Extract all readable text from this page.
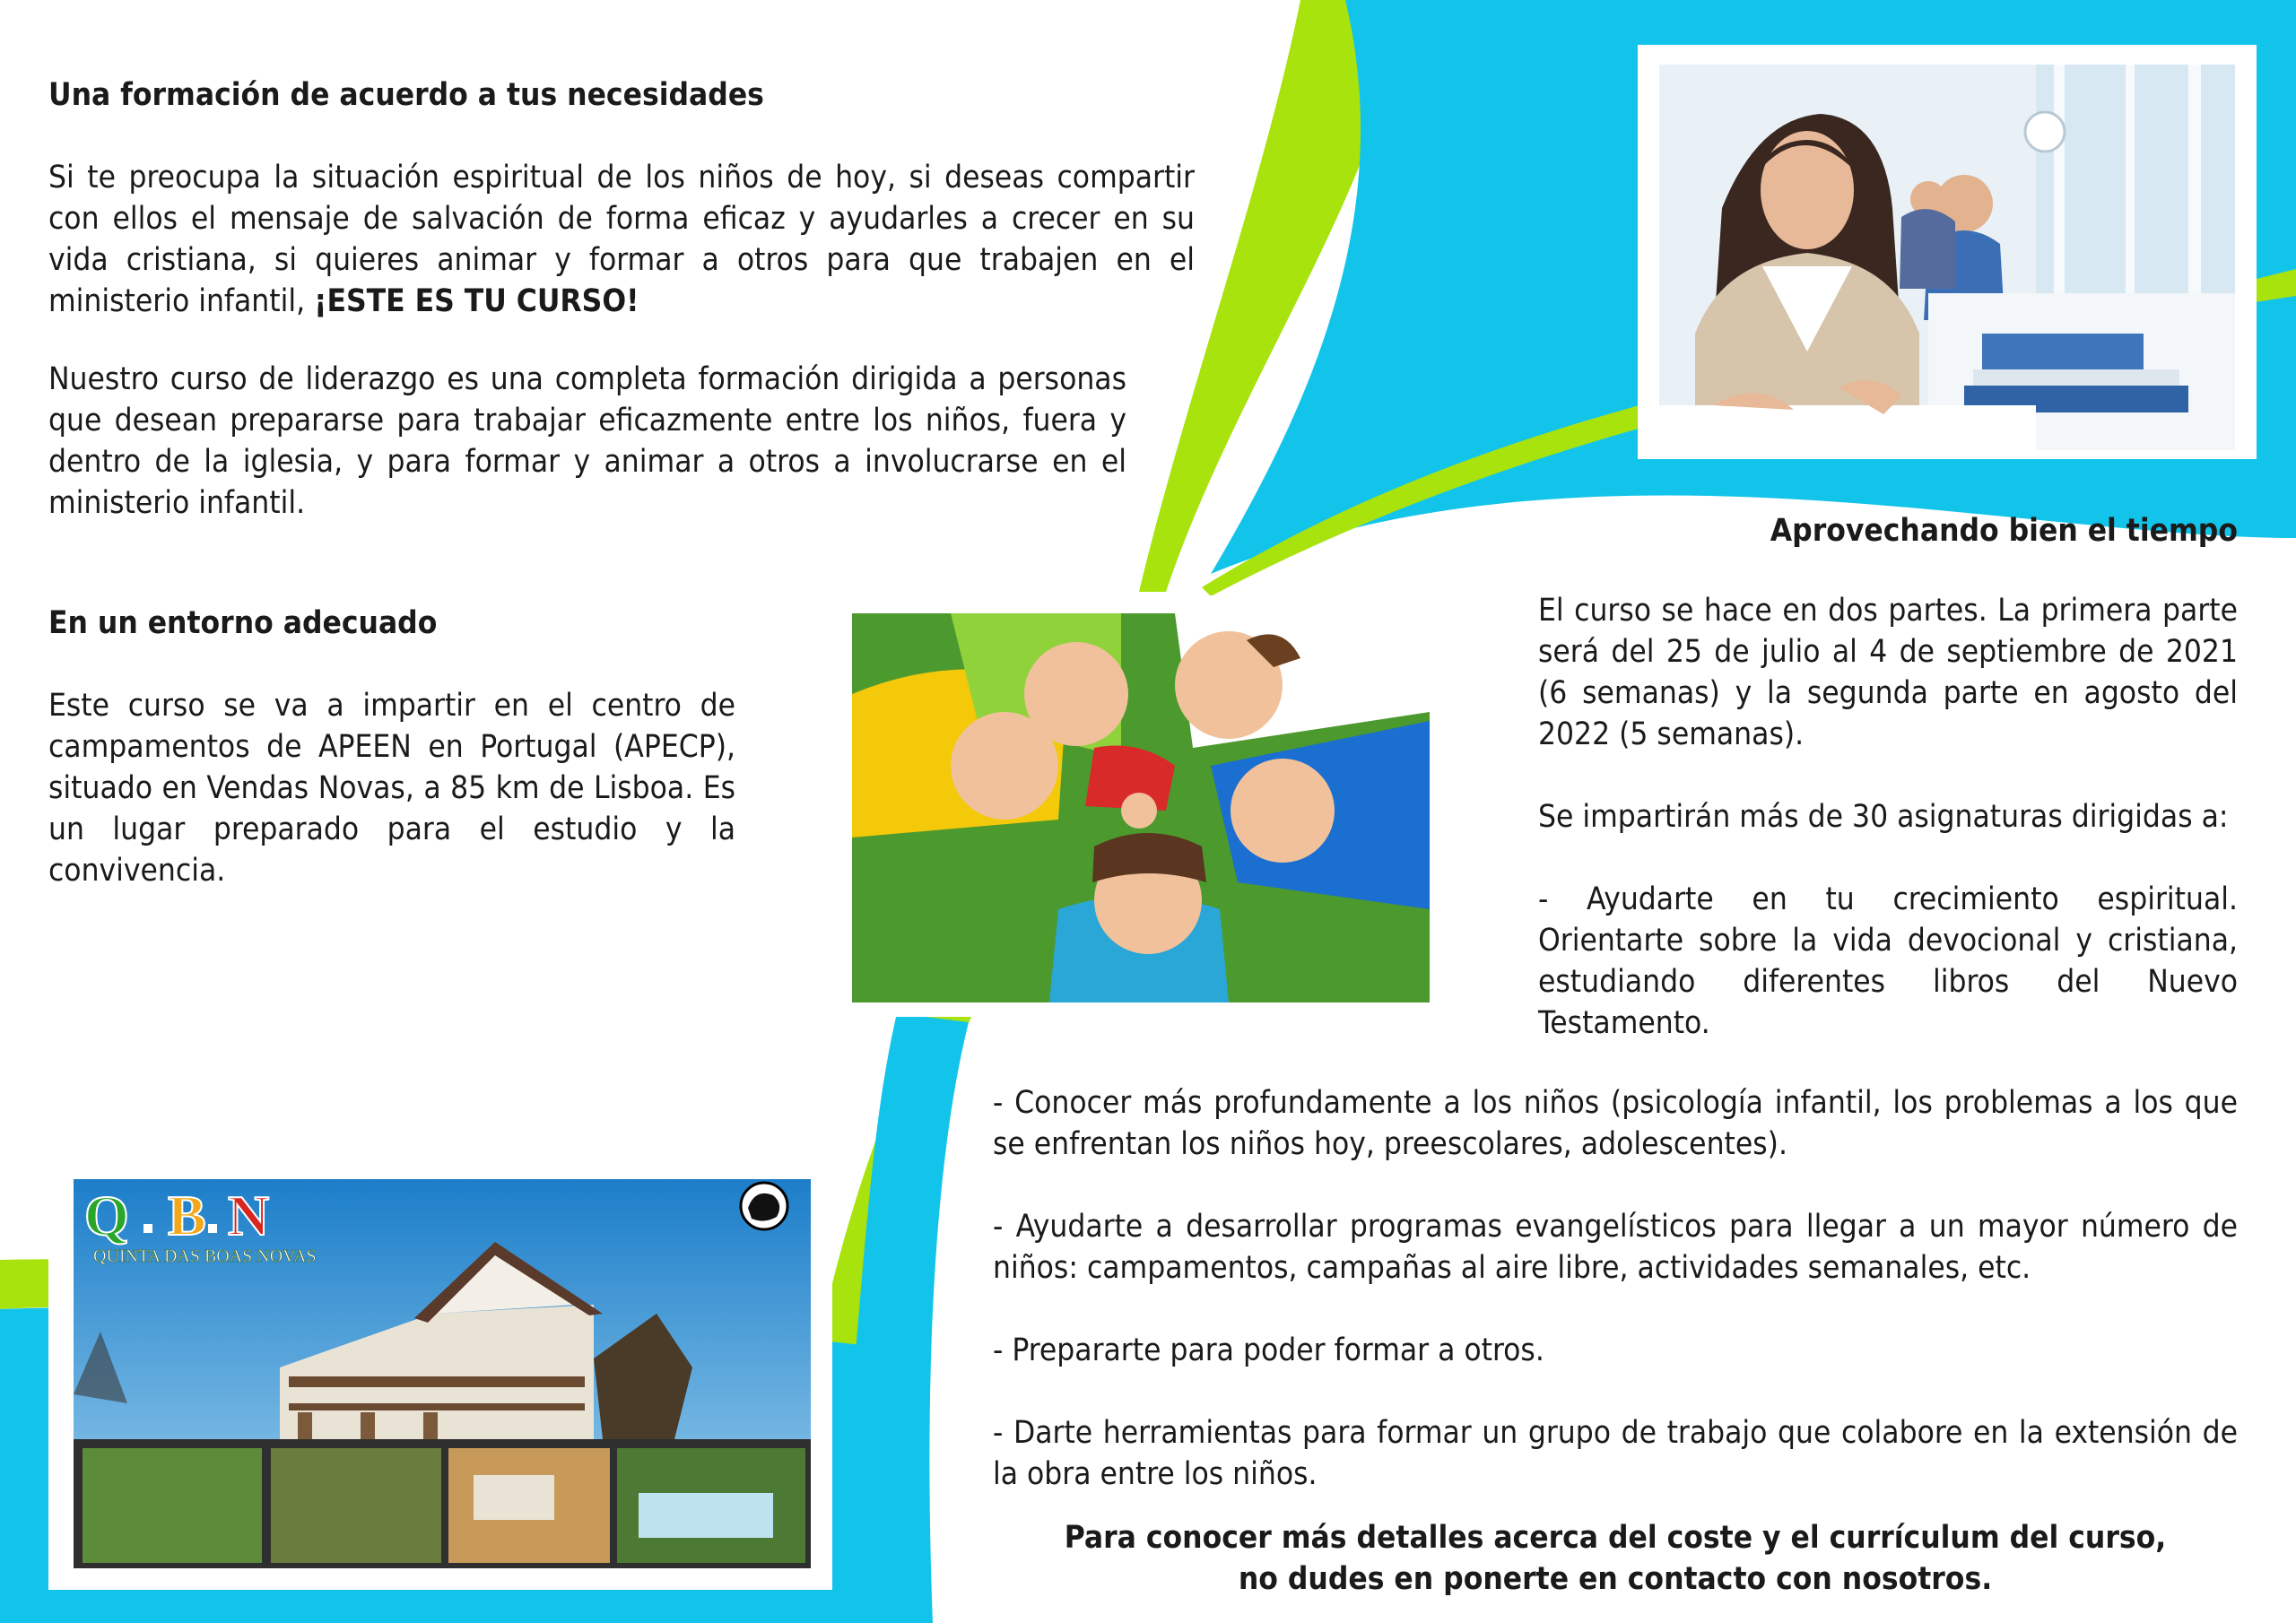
Una formación de acuerdo a tus necesidades

Si te preocupa la situación espiritual de los niños de hoy, si deseas compartir con ellos el mensaje de salvación de forma eficaz y ayudarles a crecer en su vida cristiana, si quieres animar y formar a otros para que trabajen en el ministerio infantil, ¡ESTE ES TU CURSO!

Nuestro curso de liderazgo es una completa formación dirigida a personas que desean prepararse para trabajar eficazmente entre los niños, fuera y dentro de la iglesia, y para formar y animar a otros a involucrarse en el ministerio infantil.

En un entorno adecuado

Este curso se va a impartir en el centro de campamentos de APEEN en Portugal (APECP), situado en Vendas Novas, a 85 km de Lisboa. Es un lugar preparado para el estudio y la convivencia.

Aprovechando bien el tiempo

El curso se hace en dos partes. La primera parte será del 25 de julio al 4 de septiembre de 2021 (6 semanas) y la segunda parte en agosto del 2022 (5 semanas).

Se impartirán más de 30 asignaturas dirigidas a:

- Ayudarte en tu crecimiento espiritual. Orientarte sobre la vida devocional y cristiana, estudiando diferentes libros del Nuevo Testamento.

- Conocer más profundamente a los niños (psicología infantil, los problemas a los que se enfrentan los niños hoy, preescolares, adolescentes).

- Ayudarte a desarrollar programas evangelísticos para llegar a un mayor número de niños: campamentos, campañas al aire libre, actividades semanales, etc.

- Prepararte para poder formar a otros.

- Darte herramientas para formar un grupo de trabajo que colabore en la extensión de la obra entre los niños.

Para conocer más detalles acerca del coste y el currículum del curso,

no dudes en ponerte en contacto con nosotros.

Q B N
QUINTA DAS BOAS NOVAS
